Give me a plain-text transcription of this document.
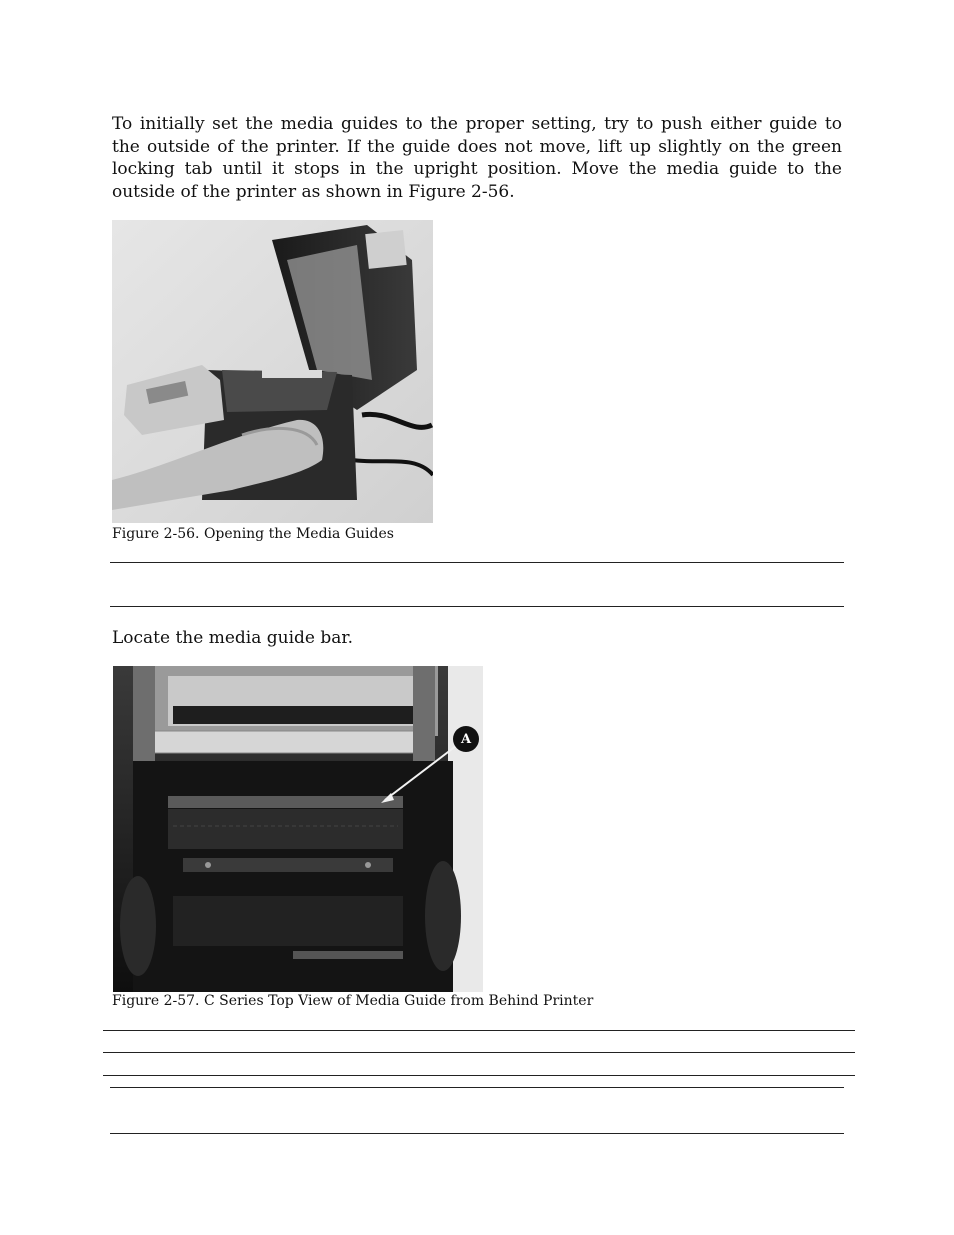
To initially set the media guides to the proper setting, try to push either guide to the outside of the printer. If the guide does not move, lift up slightly on the green locking tab until it stops in the upright position. Move the media guide to the outside of the printer as shown in Figure 2-56.

Figure 2-56. Opening the Media Guides

Locate the media guide bar.

A

Figure 2-57. C Series Top View of Media Guide from Behind Printer
